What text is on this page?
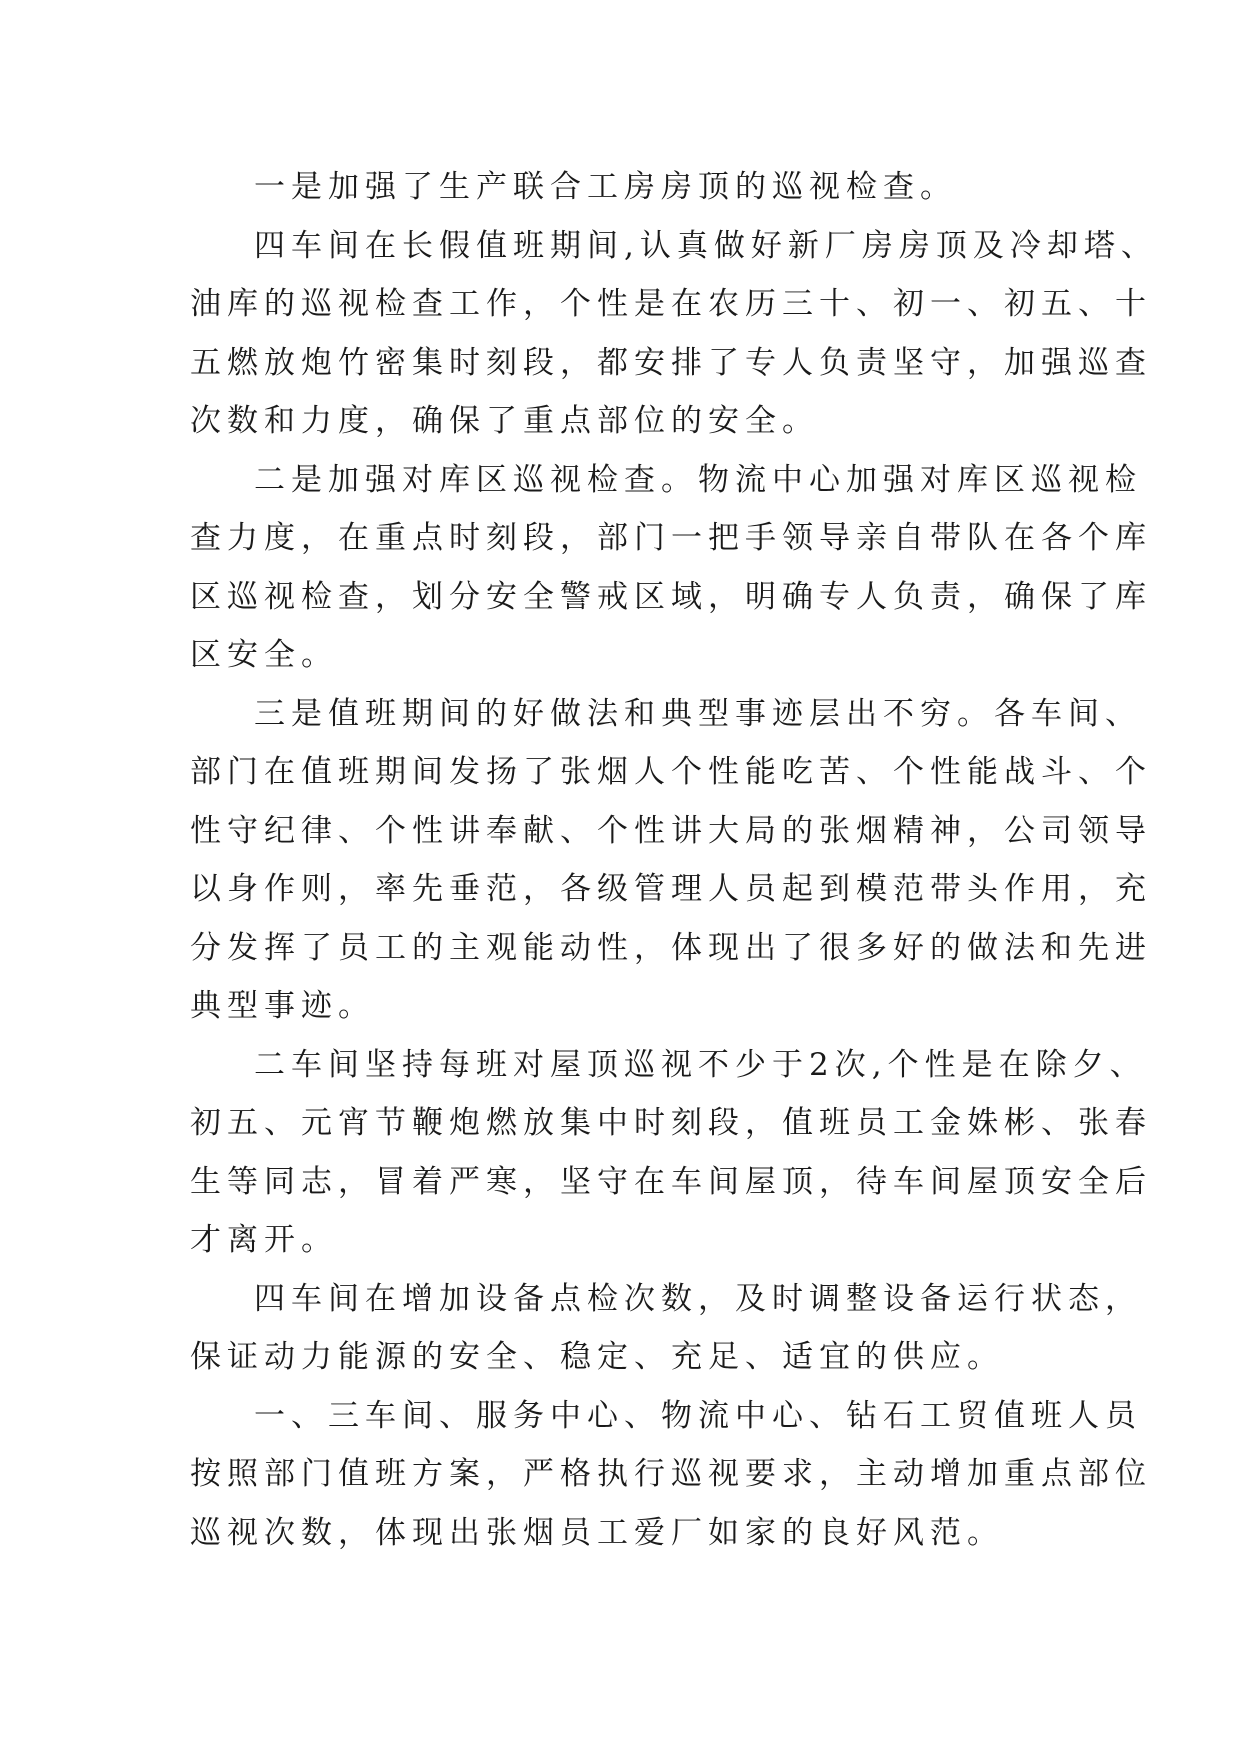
一是加强了生产联合工房房顶的巡视检查。
四车间在长假值班期间,认真做好新厂房房顶及冷却塔、
油库的巡视检查工作，个性是在农历三十、初一、初五、十
五燃放炮竹密集时刻段，都安排了专人负责坚守，加强巡查
次数和力度，确保了重点部位的安全。
二是加强对库区巡视检查。物流中心加强对库区巡视检
查力度，在重点时刻段，部门一把手领导亲自带队在各个库
区巡视检查，划分安全警戒区域，明确专人负责，确保了库
区安全。
三是值班期间的好做法和典型事迹层出不穷。各车间、
部门在值班期间发扬了张烟人个性能吃苦、个性能战斗、个
性守纪律、个性讲奉献、个性讲大局的张烟精神，公司领导
以身作则，率先垂范，各级管理人员起到模范带头作用，充
分发挥了员工的主观能动性，体现出了很多好的做法和先进
典型事迹。
二车间坚持每班对屋顶巡视不少于2次,个性是在除夕、
初五、元宵节鞭炮燃放集中时刻段，值班员工金姝彬、张春
生等同志，冒着严寒，坚守在车间屋顶，待车间屋顶安全后
才离开。
四车间在增加设备点检次数，及时调整设备运行状态，
保证动力能源的安全、稳定、充足、适宜的供应。
一、三车间、服务中心、物流中心、钻石工贸值班人员
按照部门值班方案，严格执行巡视要求，主动增加重点部位
巡视次数，体现出张烟员工爱厂如家的良好风范。
